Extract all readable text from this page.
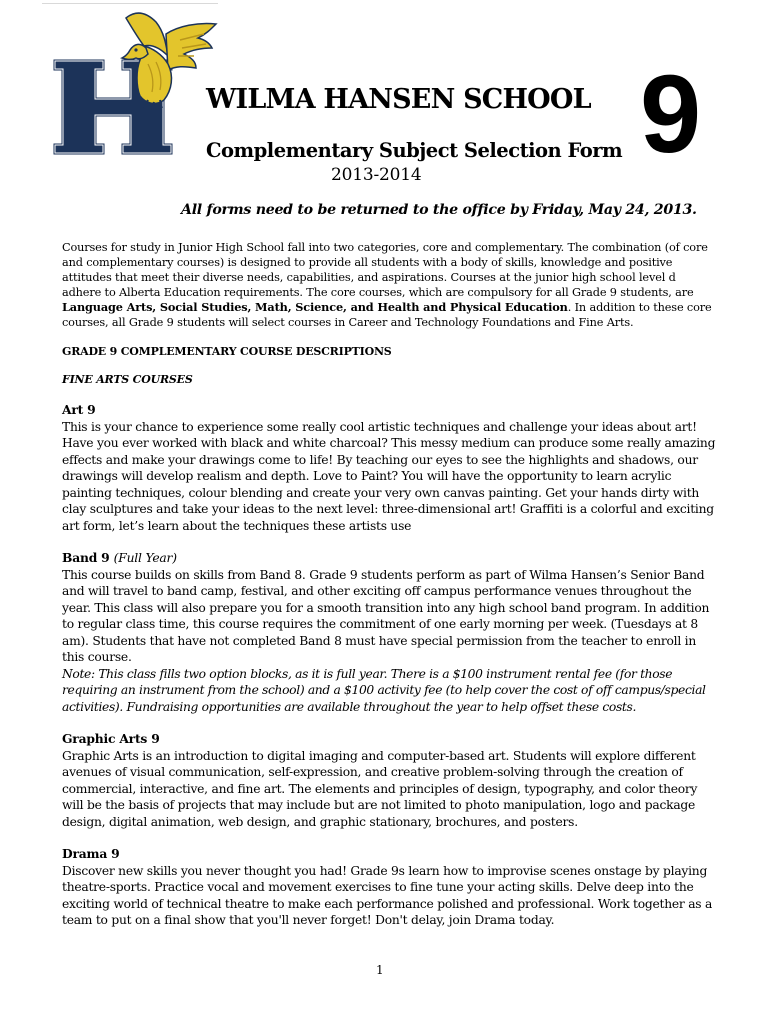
WILMA HANSEN SCHOOL 9
Complementary Subject Selection Form
2013-2014
All forms need to be returned to the office by Friday, May 24, 2013.

Courses for study in Junior High School fall into two categories, core and complementary. The combination (of core and complementary courses) is designed to provide all students with a body of skills, knowledge and positive attitudes that meet their diverse needs, capabilities, and aspirations. Courses at the junior high school level d adhere to Alberta Education requirements. The core courses, which are compulsory for all Grade 9 students, are Language Arts, Social Studies, Math, Science, and Health and Physical Education. In addition to these core courses, all Grade 9 students will select courses in Career and Technology Foundations and Fine Arts.

GRADE 9 COMPLEMENTARY COURSE DESCRIPTIONS
FINE ARTS COURSES
Art 9

This is your chance to experience some really cool artistic techniques and challenge your ideas about art! Have you ever worked with black and white charcoal? This messy medium can produce some really amazing effects and make your drawings come to life! By teaching our eyes to see the highlights and shadows, our drawings will develop realism and depth. Love to Paint? You will have the opportunity to learn acrylic painting techniques, colour blending and create your very own canvas painting. Get your hands dirty with clay sculptures and take your ideas to the next level: three-dimensional art! Graffiti is a colorful and exciting art form, let’s learn about the techniques these artists use

Band 9 (Full Year)

This course builds on skills from Band 8. Grade 9 students perform as part of Wilma Hansen’s Senior Band and will travel to band camp, festival, and other exciting off campus performance venues throughout the year. This class will also prepare you for a smooth transition into any high school band program. In addition to regular class time, this course requires the commitment of one early morning per week. (Tuesdays at 8 am). Students that have not completed Band 8 must have special permission from the teacher to enroll in this course.

Note: This class fills two option blocks, as it is full year. There is a $100 instrument rental fee (for those requiring an instrument from the school) and a $100 activity fee (to help cover the cost of off campus/special activities). Fundraising opportunities are available throughout the year to help offset these costs.

Graphic Arts 9

Graphic Arts is an introduction to digital imaging and computer-based art. Students will explore different avenues of visual communication, self-expression, and creative problem-solving through the creation of commercial, interactive, and fine art. The elements and principles of design, typography, and color theory will be the basis of projects that may include but are not limited to photo manipulation, logo and package design, digital animation, web design, and graphic stationary, brochures, and posters.

Drama 9

Discover new skills you never thought you had! Grade 9s learn how to improvise scenes onstage by playing theatre-sports. Practice vocal and movement exercises to fine tune your acting skills. Delve deep into the exciting world of technical theatre to make each performance polished and professional. Work together as a team to put on a final show that you'll never forget! Don't delay, join Drama today.

1
